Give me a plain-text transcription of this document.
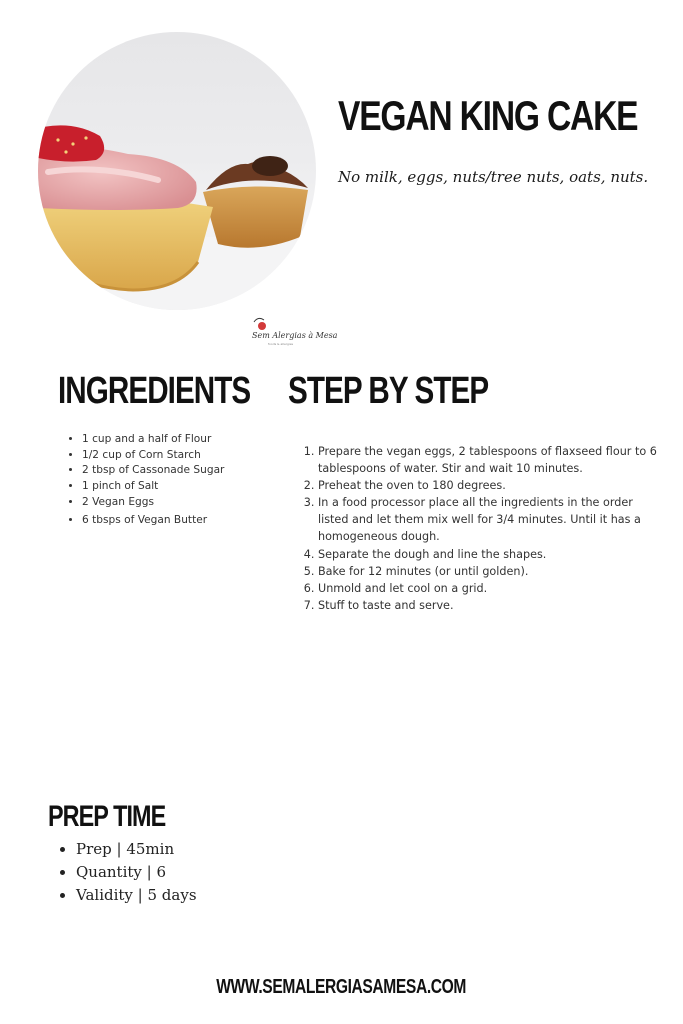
Sem Alergias à Mesa
foods & allergies
VEGAN KING CAKE

No milk, eggs, nuts/tree nuts, oats, nuts.

INGREDIENTS STEP BY STEP
• 1 cup and a half of Flour
• 1/2 cup of Corn Starch
• 2 tbsp of Cassonade Sugar
• 1 pinch of Salt
• 2 Vegan Eggs
• 6 tbsps of Vegan Butter
1. Prepare the vegan eggs, 2 tablespoons of flaxseed flour to 6 tablespoons of water. Stir and wait 10 minutes.
2. Preheat the oven to 180 degrees.
3. In a food processor place all the ingredients in the order listed and let them mix well for 3/4 minutes. Until it has a homogeneous dough.
4. Separate the dough and line the shapes.
5. Bake for 12 minutes (or until golden).
6. Unmold and let cool on a grid.
7. Stuff to taste and serve.
PREP TIME
• Prep | 45min
• Quantity | 6
• Validity | 5 days

WWW.SEMALERGIASAMESA.COM
